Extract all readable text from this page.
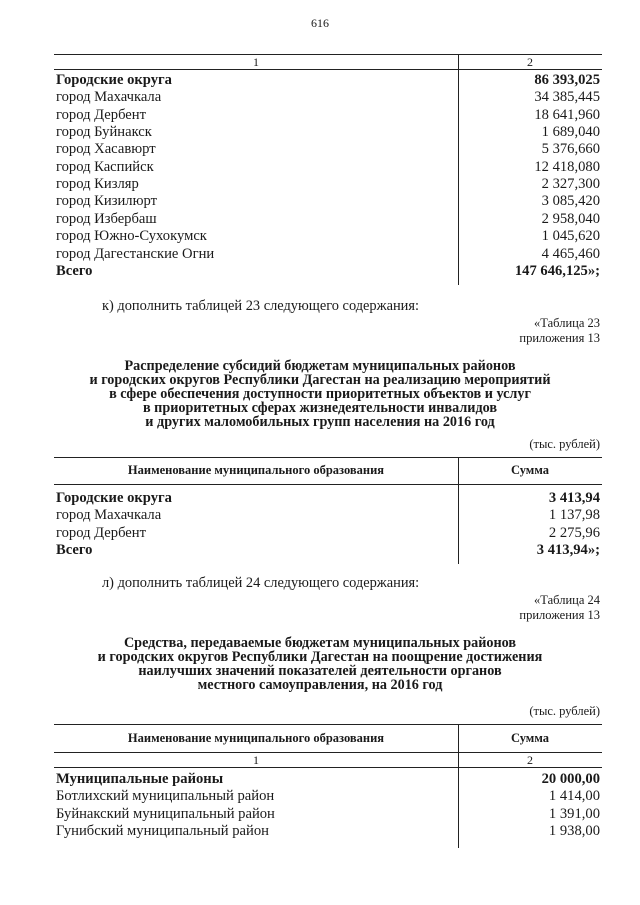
616
1	2
Городские округа	86 393,025
город Махачкала	34 385,445
город Дербент	18 641,960
город Буйнакск	1 689,040
город Хасавюрт	5 376,660
город Каспийск	12 418,080
город Кизляр	2 327,300
город Кизилюрт	3 085,420
город Избербаш	2 958,040
город Южно-Сухокумск	1 045,620
город Дагестанские Огни	4 465,460
Всего	147 646,125»;
к) дополнить таблицей 23 следующего содержания:
«Таблица 23
приложения 13
Распределение субсидий бюджетам муниципальных районов
и городских округов Республики Дагестан на реализацию мероприятий
в сфере обеспечения доступности приоритетных объектов и услуг
в приоритетных сферах жизнедеятельности инвалидов
и других маломобильных групп населения на 2016 год
(тыс. рублей)
Наименование муниципального образования	Сумма
Городские округа	3 413,94
город Махачкала	1 137,98
город Дербент	2 275,96
Всего	3 413,94»;
л) дополнить таблицей 24 следующего содержания:
«Таблица 24
приложения 13
Средства, передаваемые бюджетам муниципальных районов
и городских округов Республики Дагестан на поощрение достижения
наилучших значений показателей деятельности органов
местного самоуправления, на 2016 год
(тыс. рублей)
Наименование муниципального образования	Сумма
1	2
Муниципальные районы	20 000,00
Ботлихский муниципальный район	1 414,00
Буйнакский муниципальный район	1 391,00
Гунибский муниципальный район	1 938,00
